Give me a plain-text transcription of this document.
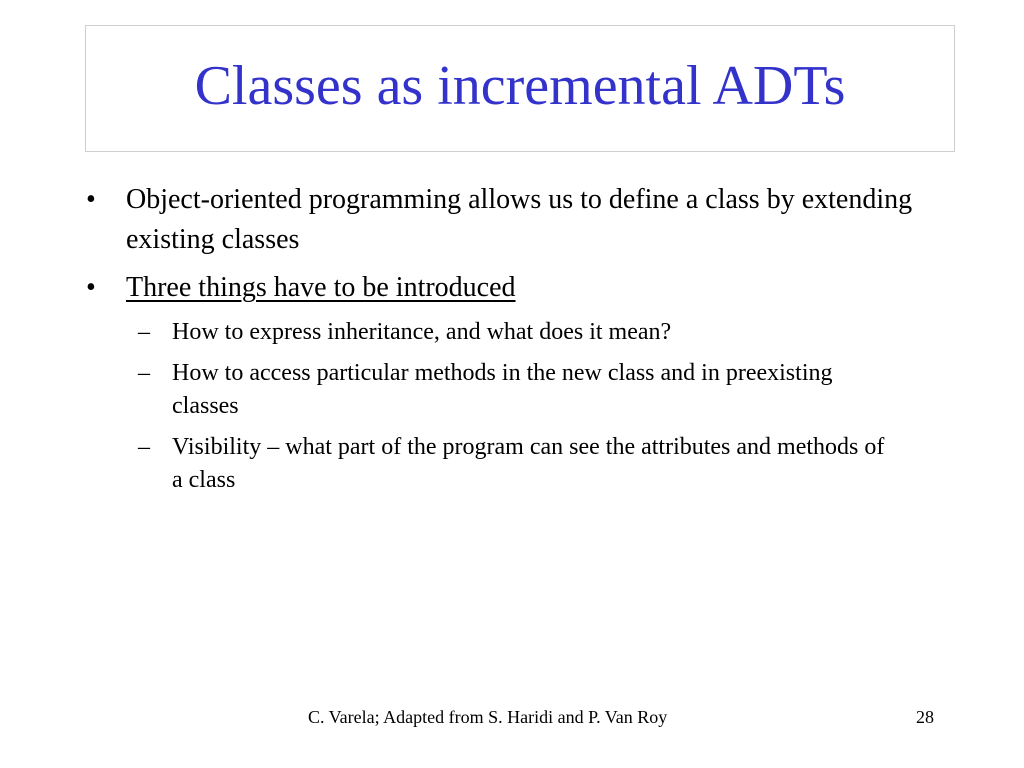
Classes as incremental ADTs
•	Object-oriented programming allows us to define a class by extending existing classes
•	Three things have to be introduced
– How to express inheritance, and what does it mean?
– How to access particular methods in the new class and in preexisting classes
– Visibility – what part of the program can see the attributes and methods of a class
C. Varela; Adapted from S. Haridi and P. Van Roy	28
